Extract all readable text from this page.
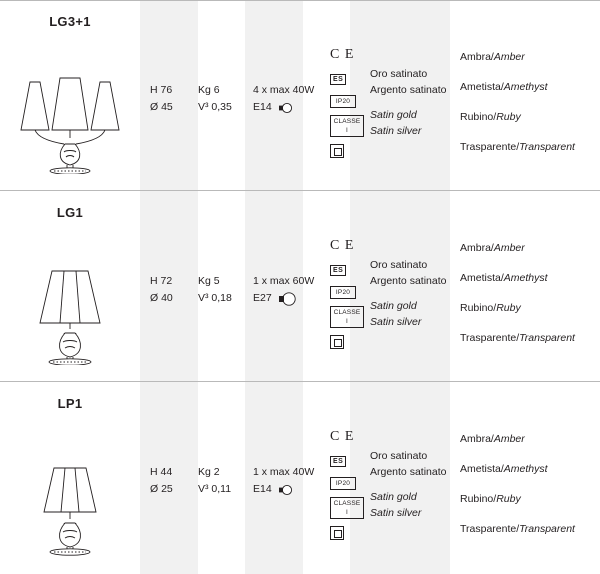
LG3+1
H 76
Ø 45
Kg 6
V³ 0,35
4 x max 40W
E14
C E
ES IP20 CLASSE I
Oro satinato
Argento satinato
Satin gold
Satin silver
Ambra/Amber
Ametista/Amethyst
Rubino/Ruby
Trasparente/Transparent
LG1
H 72
Ø 40
Kg 5
V³ 0,18
1 x max 60W
E27
C E
ES IP20 CLASSE I
Oro satinato
Argento satinato
Satin gold
Satin silver
Ambra/Amber
Ametista/Amethyst
Rubino/Ruby
Trasparente/Transparent
LP1
H 44
Ø 25
Kg 2
V³ 0,11
1 x max 40W
E14
C E
ES IP20 CLASSE I
Oro satinato
Argento satinato
Satin gold
Satin silver
Ambra/Amber
Ametista/Amethyst
Rubino/Ruby
Trasparente/Transparent
